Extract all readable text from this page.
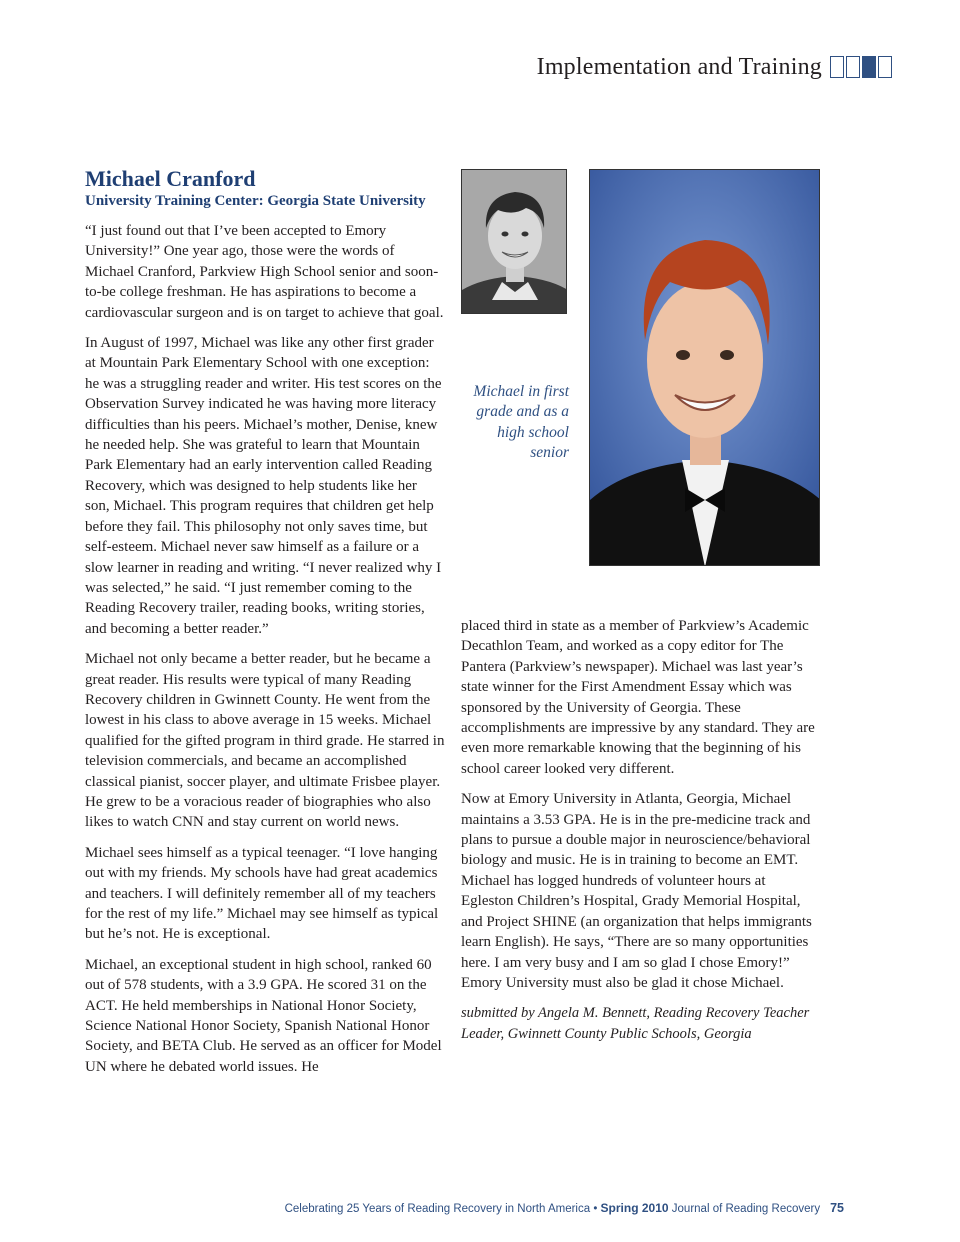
Implementation and Training
Michael Cranford
University Training Center: Georgia State University

“I just found out that I’ve been accepted to Emory University!” One year ago, those were the words of Michael Cranford, Parkview High School senior and soon-to-be college freshman. He has aspirations to become a cardiovascular surgeon and is on target to achieve that goal.

In August of 1997, Michael was like any other first grader at Mountain Park Elementary School with one exception: he was a struggling reader and writer. His test scores on the Observation Survey indicated he was having more literacy difficulties than his peers. Michael’s mother, Denise, knew he needed help. She was grateful to learn that Mountain Park Elementary had an early intervention called Reading Recovery, which was designed to help students like her son, Michael. This program requires that children get help before they fail. This philosophy not only saves time, but self-esteem. Michael never saw himself as a failure or a slow learner in reading and writing. “I never realized why I was selected,” he said. “I just remember coming to the Reading Recovery trailer, reading books, writing stories, and becoming a better reader.”

Michael not only became a better reader, but he became a great reader. His results were typical of many Reading Recovery children in Gwinnett County. He went from the lowest in his class to above average in 15 weeks. Michael qualified for the gifted program in third grade. He starred in television commercials, and became an accomplished classical pianist, soccer player, and ultimate Frisbee player. He grew to be a voracious reader of biographies who also likes to watch CNN and stay current on world news.

Michael sees himself as a typical teenager. “I love hanging out with my friends. My schools have had great academics and teachers. I will definitely remember all of my teachers for the rest of my life.” Michael may see himself as typical but he’s not. He is exceptional.

Michael, an exceptional student in high school, ranked 60 out of 578 students, with a 3.9 GPA. He scored 31 on the ACT. He held memberships in National Honor Society, Science National Honor Society, Spanish National Honor Society, and BETA Club. He served as an officer for Model UN where he debated world issues. He

Michael in first grade and as a high school senior

placed third in state as a member of Parkview’s Academic Decathlon Team, and worked as a copy editor for The Pantera (Parkview’s newspaper). Michael was last year’s state winner for the First Amendment Essay which was sponsored by the University of Georgia. These accomplishments are impressive by any standard. They are even more remarkable knowing that the beginning of his school career looked very different.

Now at Emory University in Atlanta, Georgia, Michael maintains a 3.53 GPA. He is in the pre-medicine track and plans to pursue a double major in neuroscience/behavioral biology and music. He is in training to become an EMT. Michael has logged hundreds of volunteer hours at Egleston Children’s Hospital, Grady Memorial Hospital, and Project SHINE (an organization that helps immigrants learn English). He says, “There are so many opportunities here. I am very busy and I am so glad I chose Emory!” Emory University must also be glad it chose Michael.

submitted by Angela M. Bennett, Reading Recovery Teacher Leader, Gwinnett County Public Schools, Georgia

Celebrating 25 Years of Reading Recovery in North America • Spring 2010 Journal of Reading Recovery 75
